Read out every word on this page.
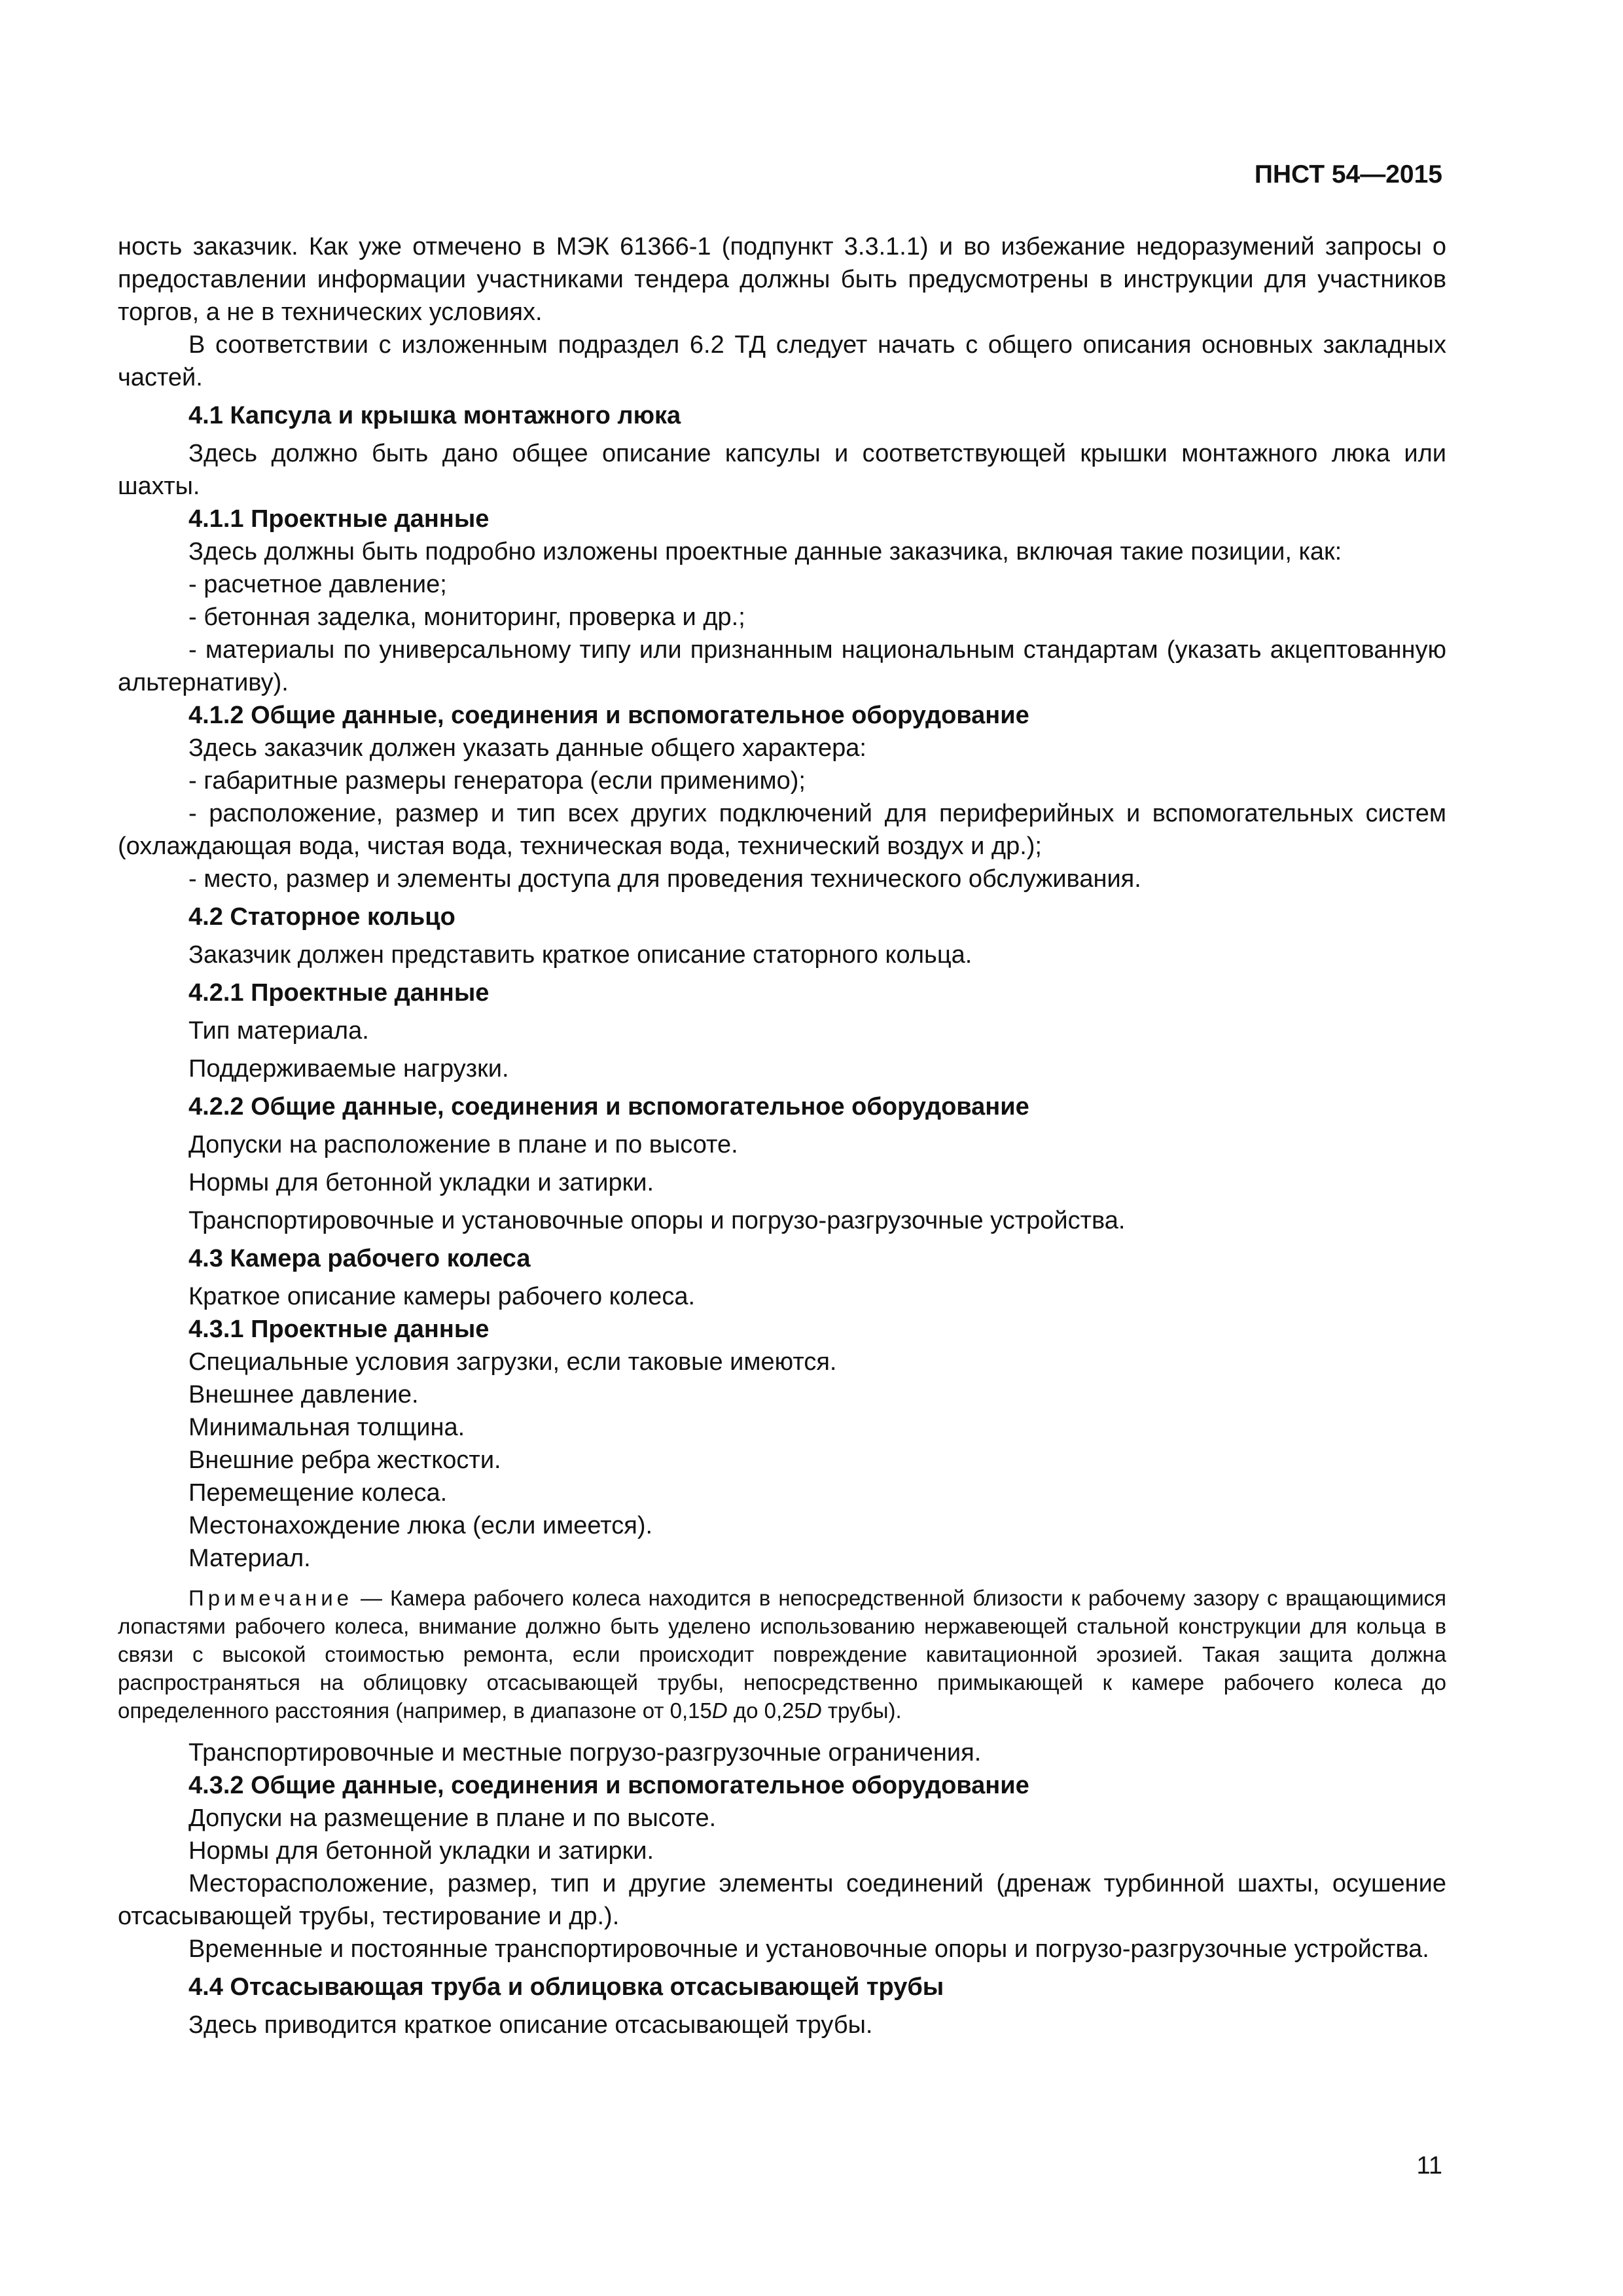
ПНСТ 54—2015

ность заказчик. Как уже отмечено в МЭК 61366-1 (подпункт 3.3.1.1) и во избежание недоразумений запросы о предоставлении информации участниками тендера должны быть предусмотрены в инструкции для участников торгов, а не в технических условиях.

В соответствии с изложенным подраздел 6.2 ТД следует начать с общего описания основных закладных частей.

4.1 Капсула и крышка монтажного люка

Здесь должно быть дано общее описание капсулы и соответствующей крышки монтажного люка или шахты.

4.1.1 Проектные данные

Здесь должны быть подробно изложены проектные данные заказчика, включая такие позиции, как:

- расчетное давление;

- бетонная заделка, мониторинг, проверка и др.;

- материалы по универсальному типу или признанным национальным стандартам (указать акцептованную альтернативу).

4.1.2 Общие данные, соединения и вспомогательное оборудование

Здесь заказчик должен указать данные общего характера:

- габаритные размеры генератора (если применимо);

- расположение, размер и тип всех других подключений для периферийных и вспомогательных систем (охлаждающая вода, чистая вода, техническая вода, технический воздух и др.);

- место, размер и элементы доступа для проведения технического обслуживания.

4.2 Статорное кольцо

Заказчик должен представить краткое описание статорного кольца.

4.2.1 Проектные данные

Тип материала.

Поддерживаемые нагрузки.

4.2.2 Общие данные, соединения и вспомогательное оборудование

Допуски на расположение в плане и по высоте.

Нормы для бетонной укладки и затирки.

Транспортировочные и установочные опоры и погрузо-разгрузочные устройства.

4.3 Камера рабочего колеса

Краткое описание камеры рабочего колеса.

4.3.1 Проектные данные

Специальные условия загрузки, если таковые имеются.

Внешнее давление.

Минимальная толщина.

Внешние ребра жесткости.

Перемещение колеса.

Местонахождение люка (если имеется).

Материал.

Примечание — Камера рабочего колеса находится в непосредственной близости к рабочему зазору с вращающимися лопастями рабочего колеса, внимание должно быть уделено использованию нержавеющей стальной конструкции для кольца в связи с высокой стоимостью ремонта, если происходит повреждение кавитационной эрозией. Такая защита должна распространяться на облицовку отсасывающей трубы, непосредственно примыкающей к камере рабочего колеса до определенного расстояния (например, в диапазоне от 0,15D до 0,25D трубы).

Транспортировочные и местные погрузо-разгрузочные ограничения.

4.3.2 Общие данные, соединения и вспомогательное оборудование

Допуски на размещение в плане и по высоте.

Нормы для бетонной укладки и затирки.

Месторасположение, размер, тип и другие элементы соединений (дренаж турбинной шахты, осушение отсасывающей трубы, тестирование и др.).

Временные и постоянные транспортировочные и установочные опоры и погрузо-разгрузочные устройства.

4.4 Отсасывающая труба и облицовка отсасывающей трубы

Здесь приводится краткое описание отсасывающей трубы.

11
